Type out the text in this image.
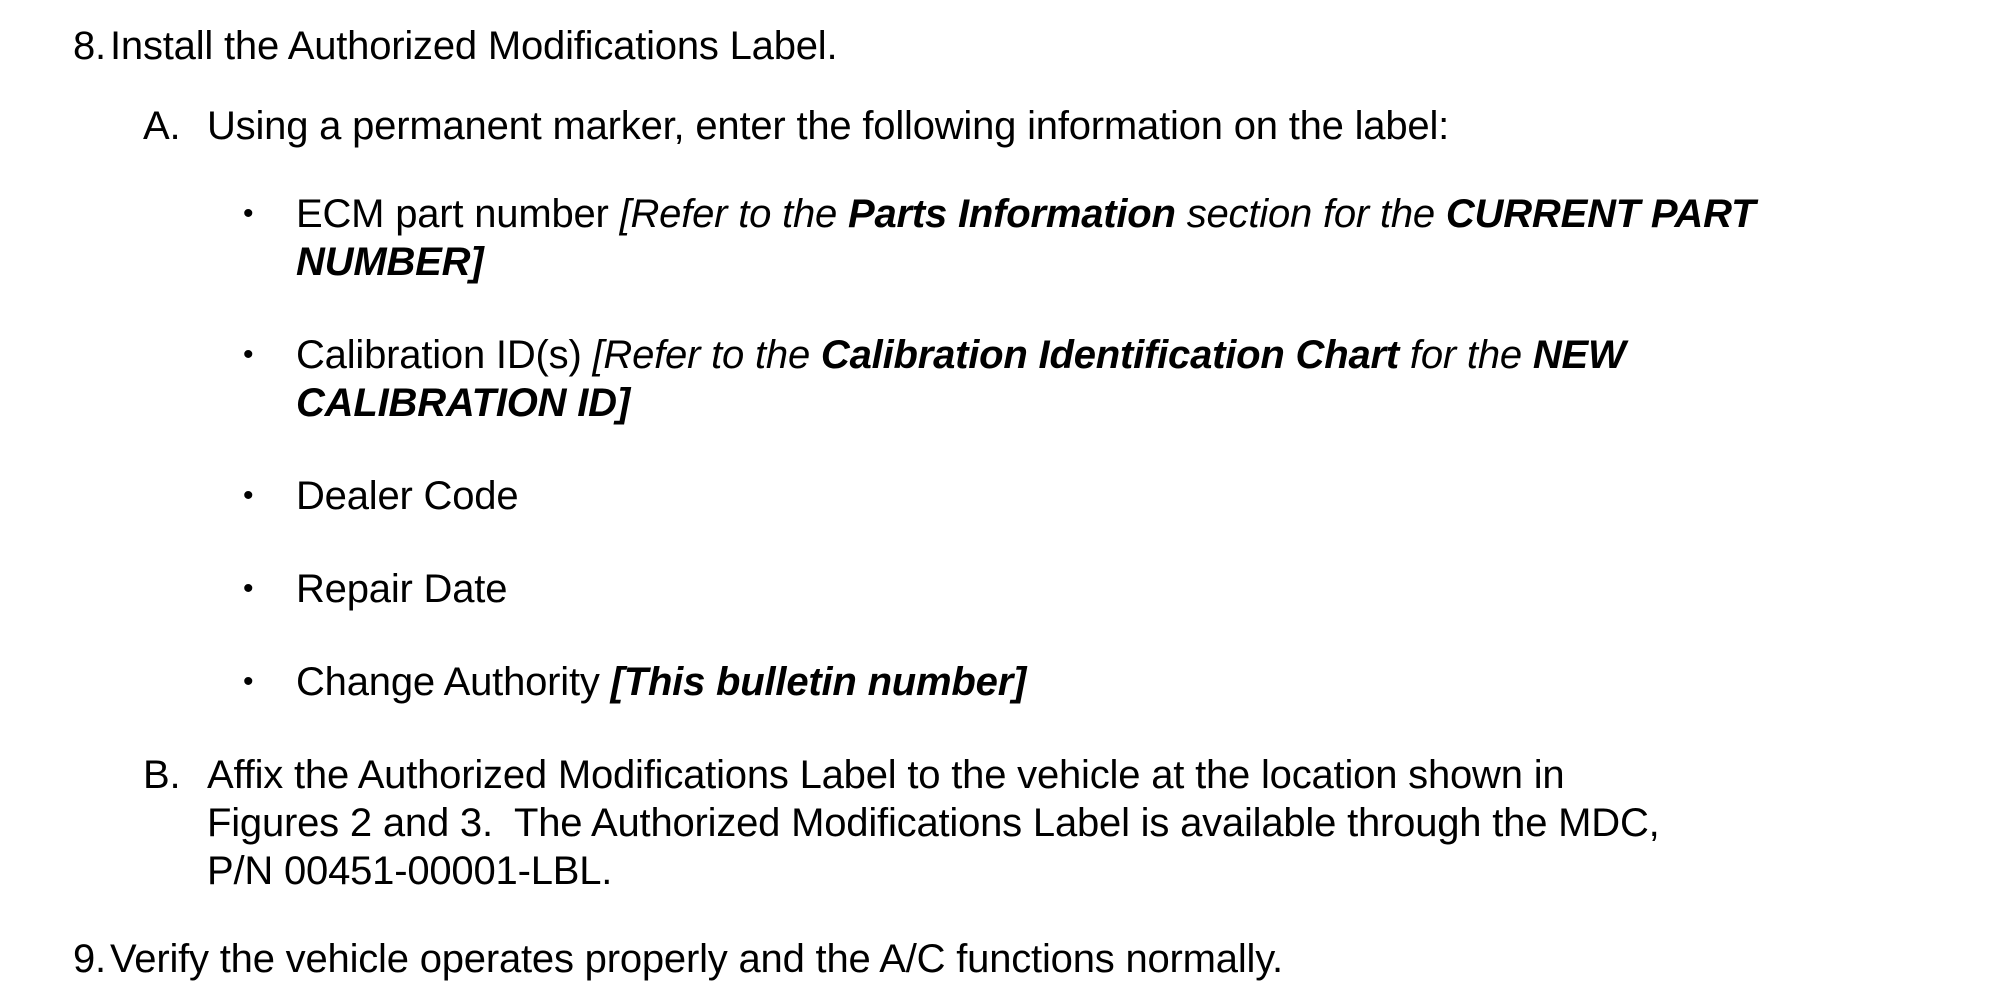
8. Install the Authorized Modifications Label.
A. Using a permanent marker, enter the following information on the label:
•	ECM part number [Refer to the Parts Information section for the CURRENT PART
NUMBER]
•	Calibration ID(s) [Refer to the Calibration Identification Chart for the NEW
CALIBRATION ID]
•	Dealer Code
•	Repair Date
•	Change Authority [This bulletin number]
B. Affix the Authorized Modifications Label to the vehicle at the location shown in
Figures 2 and 3.  The Authorized Modifications Label is available through the MDC,
P/N 00451-00001-LBL.
9. Verify the vehicle operates properly and the A/C functions normally.
